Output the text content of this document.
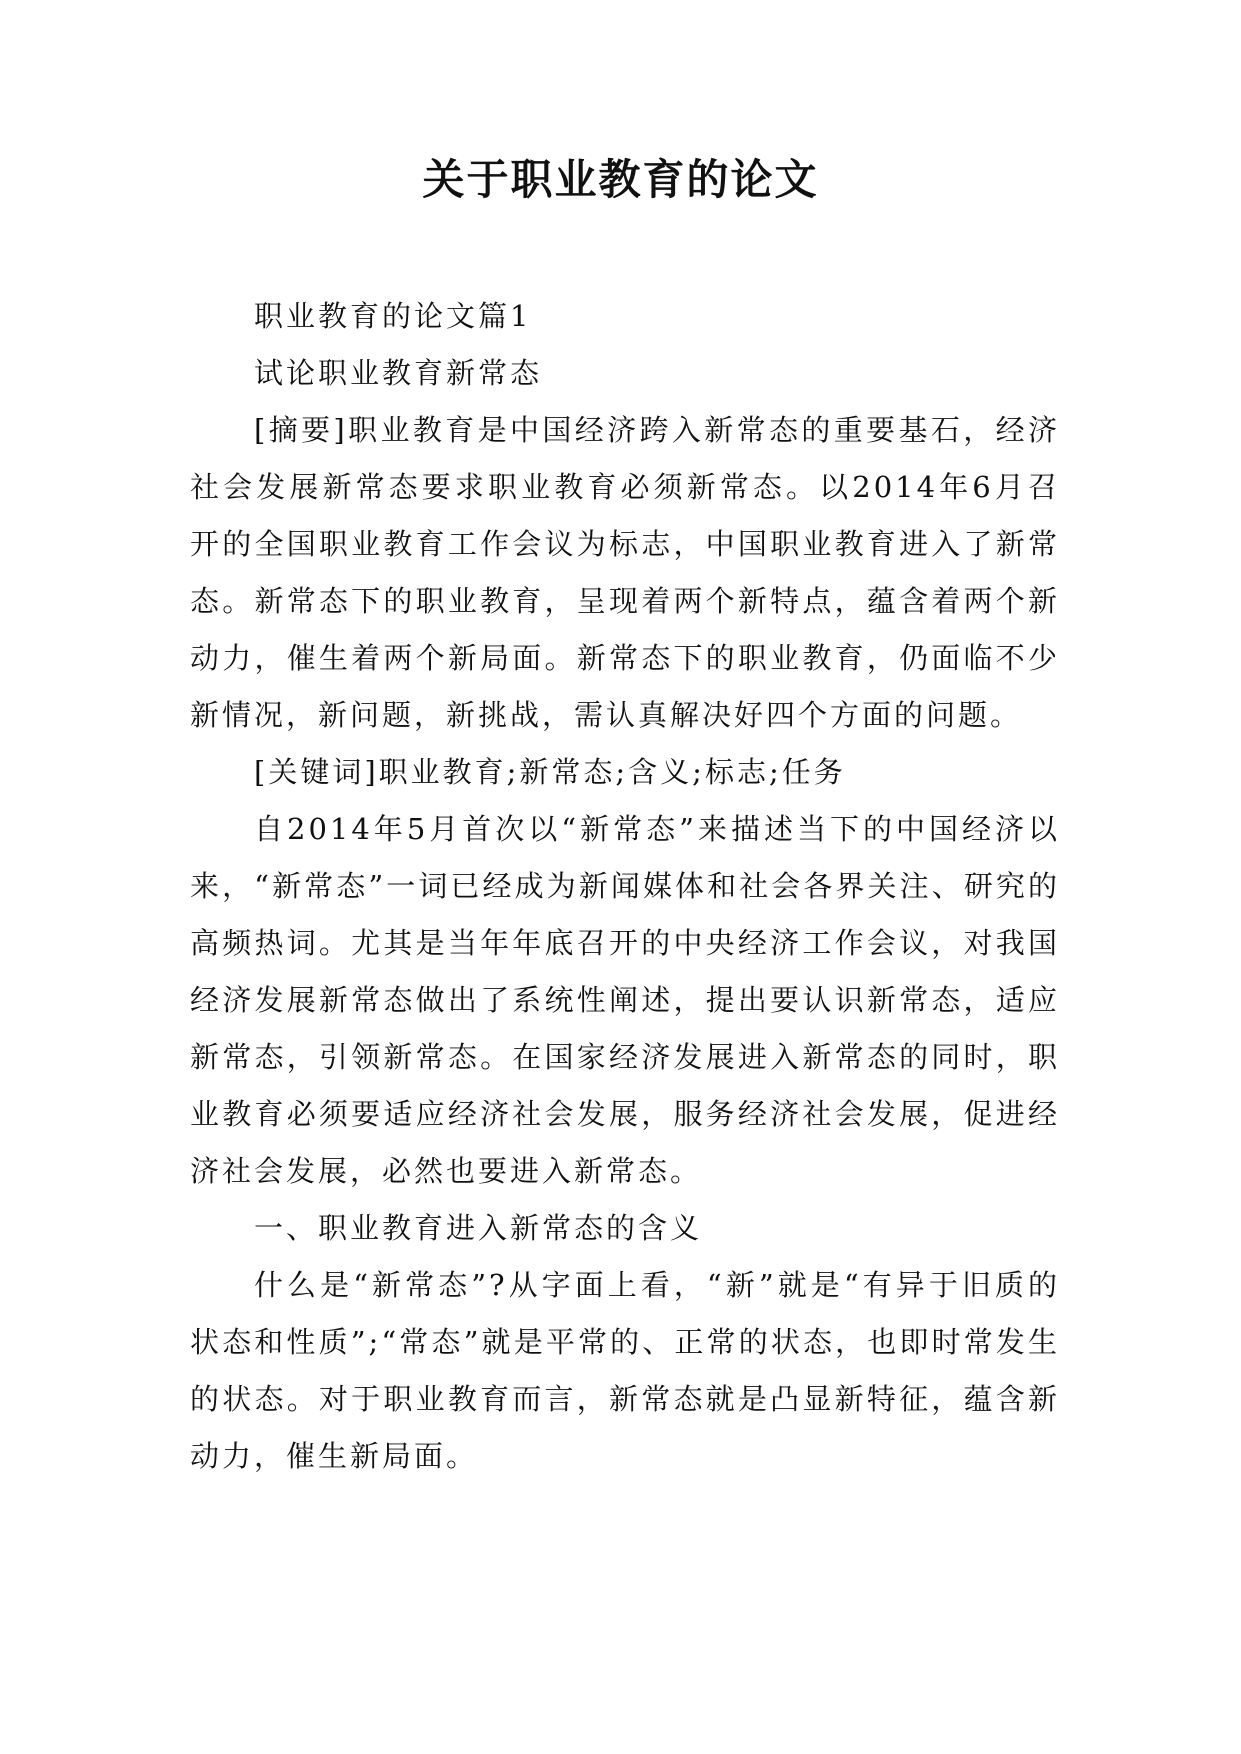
关于职业教育的论文

职业教育的论文篇1

试论职业教育新常态

[摘要]职业教育是中国经济跨入新常态的重要基石，经济社会发展新常态要求职业教育必须新常态。以2014年6月召开的全国职业教育工作会议为标志，中国职业教育进入了新常态。新常态下的职业教育，呈现着两个新特点，蕴含着两个新动力，催生着两个新局面。新常态下的职业教育，仍面临不少新情况，新问题，新挑战，需认真解决好四个方面的问题。

[关键词]职业教育;新常态;含义;标志;任务

自2014年5月首次以“新常态”来描述当下的中国经济以来，“新常态”一词已经成为新闻媒体和社会各界关注、研究的高频热词。尤其是当年年底召开的中央经济工作会议，对我国经济发展新常态做出了系统性阐述，提出要认识新常态，适应新常态，引领新常态。在国家经济发展进入新常态的同时，职业教育必须要适应经济社会发展，服务经济社会发展，促进经济社会发展，必然也要进入新常态。

一、职业教育进入新常态的含义

什么是“新常态”?从字面上看，“新”就是“有异于旧质的状态和性质”;“常态”就是平常的、正常的状态，也即时常发生的状态。对于职业教育而言，新常态就是凸显新特征，蕴含新动力，催生新局面。
